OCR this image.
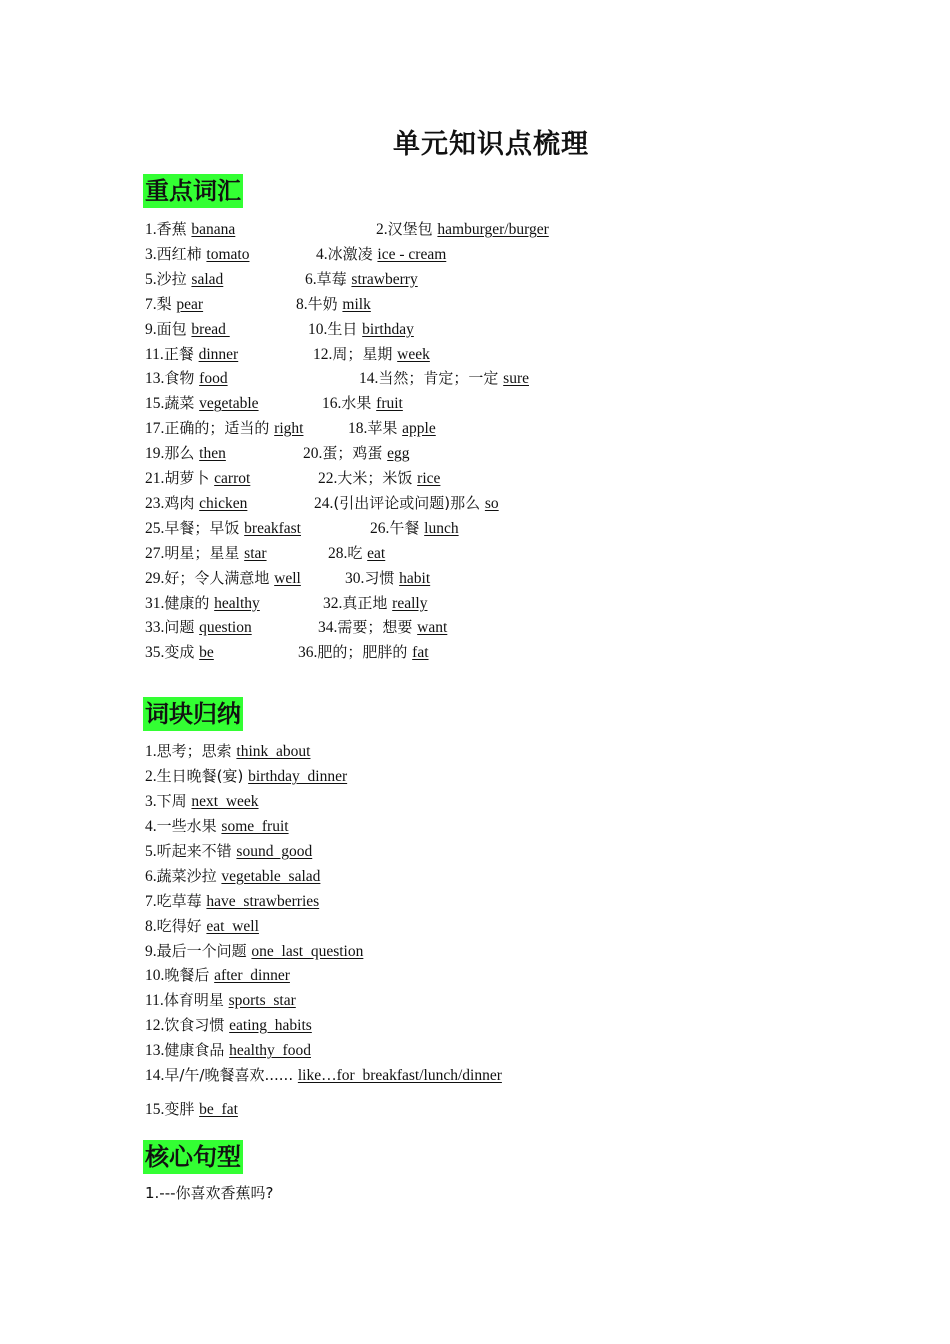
单元知识点梳理
重点词汇
1.香蕉 banana	2.汉堡包 hamburger/burger
3.西红柿 tomato	4.冰激凌 ice - cream
5.沙拉 salad	6.草莓 strawberry
7.梨 pear	8.牛奶 milk
9.面包 bread	10.生日 birthday
11.正餐 dinner	12.周；星期 week
13.食物 food	14.当然；肯定；一定 sure
15.蔬菜 vegetable	16.水果 fruit
17.正确的；适当的 right	18.苹果 apple
19.那么 then	20.蛋；鸡蛋 egg
21.胡萝卜 carrot	22.大米；米饭 rice
23.鸡肉 chicken	24.(引出评论或问题)那么 so
25.早餐；早饭 breakfast	26.午餐 lunch
27.明星；星星 star	28.吃 eat
29.好；令人满意地 well	30.习惯 habit
31.健康的 healthy	32.真正地 really
33.问题 question	34.需要；想要 want
35.变成 be	36.肥的；肥胖的 fat
词块归纳
1.思考；思索 think  about
2.生日晚餐(宴) birthday  dinner
3.下周 next  week
4.一些水果 some  fruit
5.听起来不错 sound  good
6.蔬菜沙拉 vegetable  salad
7.吃草莓 have  strawberries
8.吃得好 eat  well
9.最后一个问题 one  last  question
10.晚餐后 after  dinner
11.体育明星 sports  star
12.饮食习惯 eating  habits
13.健康食品 healthy  food
14.早/午/晚餐喜欢...... like…for  breakfast/lunch/dinner
15.变胖 be  fat
核心句型
1.---你喜欢香蕉吗?
